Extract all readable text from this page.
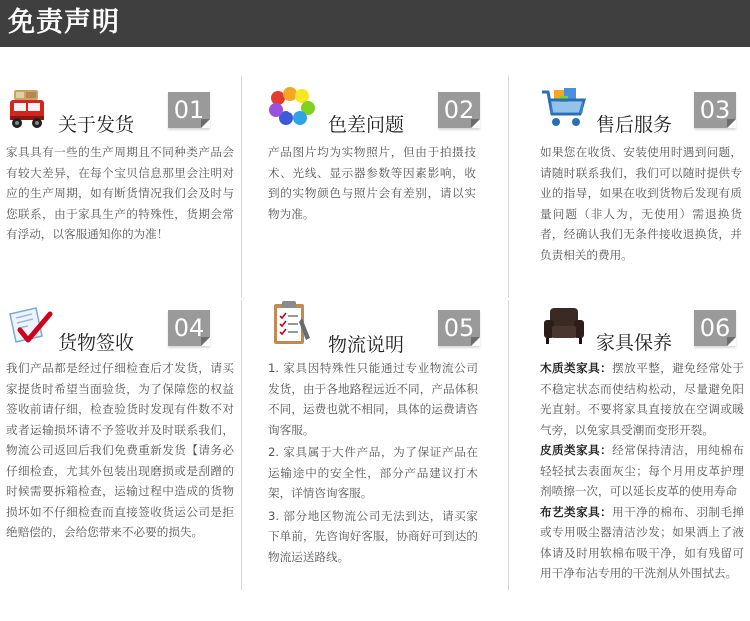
免责声明
关于发货
01
家具具有一些的生产周期且不同种类产品会有较大差异，在每个宝贝信息那里会注明对应的生产周期，如有断货情况我们会及时与您联系，由于家具生产的特殊性，货期会常有浮动，以客服通知你的为准！
色差问题
02
产品图片均为实物照片，但由于拍摄技术、光线、显示器参数等因素影响，收到的实物颜色与照片会有差别，请以实物为准。
售后服务
03
如果您在收货、安装使用时遇到问题，请随时联系我们，我们可以随时提供专业的指导，如果在收到货物后发现有质量问题（非人为，无使用）需退换货者，经确认我们无条件接收退换货，并负责相关的费用。
货物签收
04
我们产品都是经过仔细检查后才发货，请买家提货时希望当面验货，为了保障您的权益签收前请仔细，检查验货时发现有件数不对或者运输损坏请不予签收并及时联系我们，物流公司返回后我们免费重新发货【请务必仔细检查，尤其外包装出现磨损或是刮蹭的时候需要拆箱检查，运输过程中造成的货物损坏如不仔细检查而直接签收货运公司是拒绝赔偿的，会给您带来不必要的损失。
物流说明
05

1. 家具因特殊性只能通过专业物流公司发货，由于各地路程远近不同，产品体积不同，运费也就不相同，具体的运费请咨询客服。

2. 家具属于大件产品，为了保证产品在运输途中的安全性，部分产品建议打木架，详情咨询客服。

3. 部分地区物流公司无法到达，请买家下单前，先咨询好客服，协商好可到达的物流运送路线。

家具保养
06

木质类家具：摆放平整，避免经常处于不稳定状态而使结构松动，尽量避免阳光直射。不要将家具直接放在空调或暖气旁，以免家具受潮而变形开裂。

皮质类家具：经常保持清洁，用纯棉布轻轻拭去表面灰尘；每个月用皮革护理剂喷擦一次，可以延长皮革的使用寿命

布艺类家具：用干净的棉布、羽制毛掸或专用吸尘器清洁沙发；如果洒上了液体请及时用软棉布吸干净，如有残留可用干净布沾专用的干洗剂从外围拭去。
